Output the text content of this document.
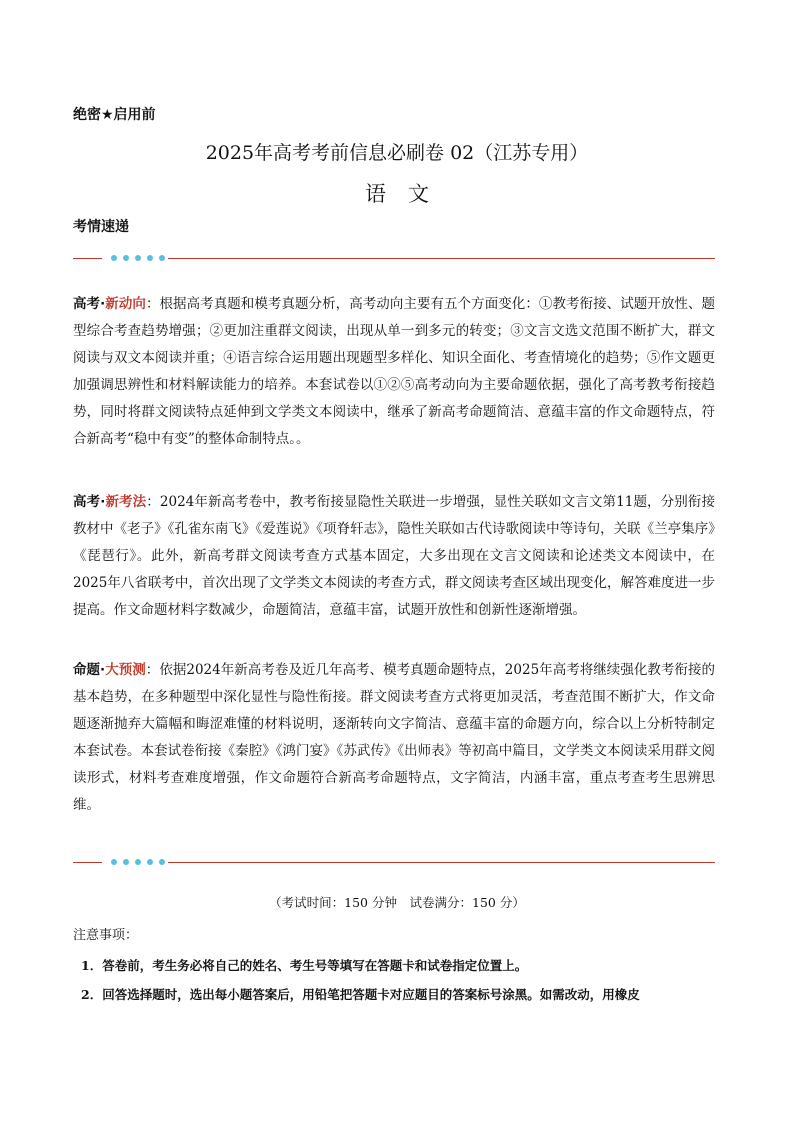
绝密★启用前
2025年高考考前信息必刷卷 02（江苏专用）
语文
考情速递

高考·新动向：根据高考真题和模考真题分析，高考动向主要有五个方面变化：①教考衔接、试题开放性、题型综合考查趋势增强；②更加注重群文阅读，出现从单一到多元的转变；③文言文选文范围不断扩大，群文阅读与双文本阅读并重；④语言综合运用题出现题型多样化、知识全面化、考查情境化的趋势；⑤作文题更加强调思辨性和材料解读能力的培养。本套试卷以①②⑤高考动向为主要命题依据，强化了高考教考衔接趋势，同时将群文阅读特点延伸到文学类文本阅读中，继承了新高考命题简洁、意蕴丰富的作文命题特点，符合新高考“稳中有变”的整体命制特点。。

高考·新考法：2024年新高考卷中，教考衔接显隐性关联进一步增强，显性关联如文言文第11题，分别衔接教材中《老子》《孔雀东南飞》《爱莲说》《项脊轩志》，隐性关联如古代诗歌阅读中等诗句，关联《兰亭集序》《琵琶行》。此外，新高考群文阅读考查方式基本固定，大多出现在文言文阅读和论述类文本阅读中，在2025年八省联考中，首次出现了文学类文本阅读的考查方式，群文阅读考查区域出现变化，解答难度进一步提高。作文命题材料字数减少，命题简洁，意蕴丰富，试题开放性和创新性逐渐增强。

命题·大预测：依据2024年新高考卷及近几年高考、模考真题命题特点，2025年高考将继续强化教考衔接的基本趋势，在多种题型中深化显性与隐性衔接。群文阅读考查方式将更加灵活，考查范围不断扩大，作文命题逐渐抛弃大篇幅和晦涩难懂的材料说明，逐渐转向文字简洁、意蕴丰富的命题方向，综合以上分析特制定本套试卷。本套试卷衔接《秦腔》《鸿门宴》《苏武传》《出师表》等初高中篇目，文学类文本阅读采用群文阅读形式，材料考查难度增强，作文命题符合新高考命题特点，文字简洁，内涵丰富，重点考查考生思辨思维。

（考试时间：150 分钟　试卷满分：150 分）
注意事项：
1．答卷前，考生务必将自己的姓名、考生号等填写在答题卡和试卷指定位置上。
2．回答选择题时，选出每小题答案后，用铅笔把答题卡对应题目的答案标号涂黑。如需改动，用橡皮
